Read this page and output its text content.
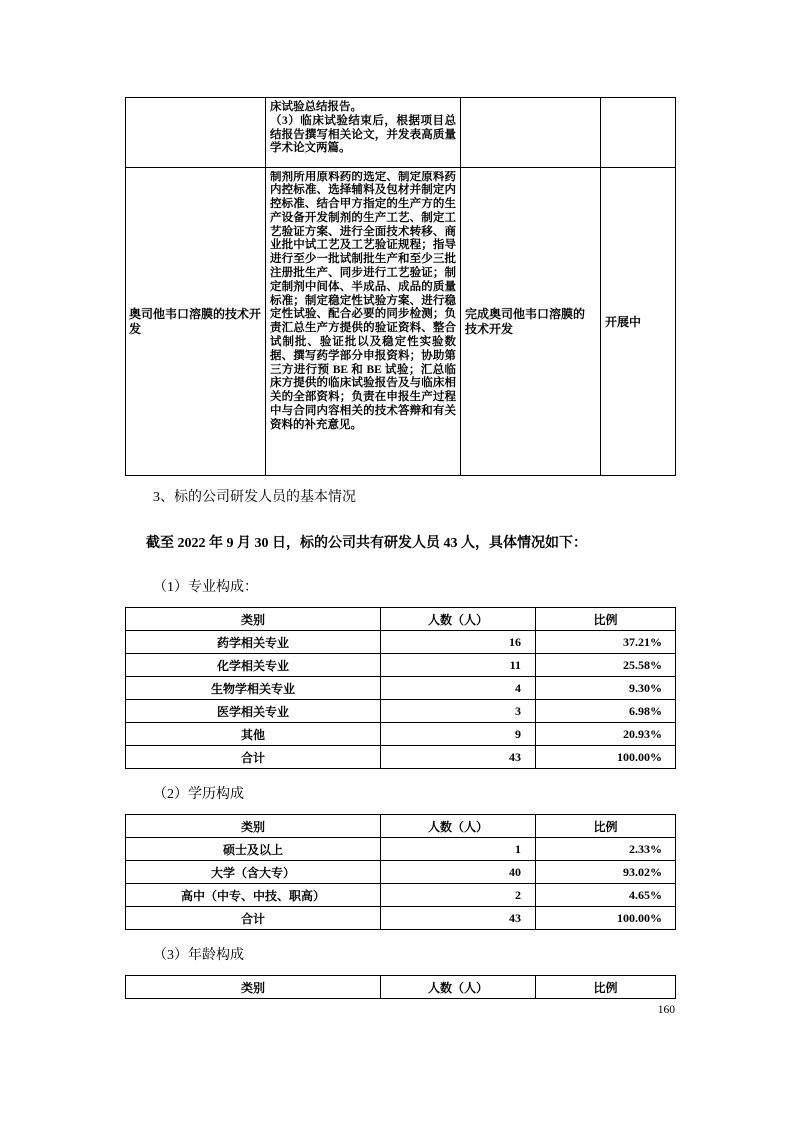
	床试验总结报告。
（3）临床试验结束后，根据项目总结报告撰写相关论文，并发表高质量学术论文两篇。		

奥司他韦口溶膜的技术开发	制剂所用原料药的选定、制定原料药内控标准、选择辅料及包材并制定内控标准、结合甲方指定的生产方的生产设备开发制剂的生产工艺、制定工艺验证方案、进行全面技术转移、商业批中试工艺及工艺验证规程；指导进行至少一批试制批生产和至少三批注册批生产、同步进行工艺验证；制定制剂中间体、半成品、成品的质量标准；制定稳定性试验方案、进行稳定性试验、配合必要的同步检测；负责汇总生产方提供的验证资料、整合试制批、验证批以及稳定性实验数据、撰写药学部分申报资料；协助第三方进行预 BE 和 BE 试验；汇总临床方提供的临床试验报告及与临床相关的全部资料；负责在申报生产过程中与合同内容相关的技术答辩和有关资料的补充意见。	完成奥司他韦口溶膜的技术开发	开展中
3、标的公司研发人员的基本情况
截至 2022 年 9 月 30 日，标的公司共有研发人员 43 人，具体情况如下：
（1）专业构成：
类别	人数（人）	比例
药学相关专业	16	37.21%
化学相关专业	11	25.58%
生物学相关专业	4	9.30%
医学相关专业	3	6.98%
其他	9	20.93%
合计	43	100.00%
（2）学历构成
类别	人数（人）	比例
硕士及以上	1	2.33%
大学（含大专）	40	93.02%
高中（中专、中技、职高）	2	4.65%
合计	43	100.00%
（3）年龄构成
类别	人数（人）	比例
160
